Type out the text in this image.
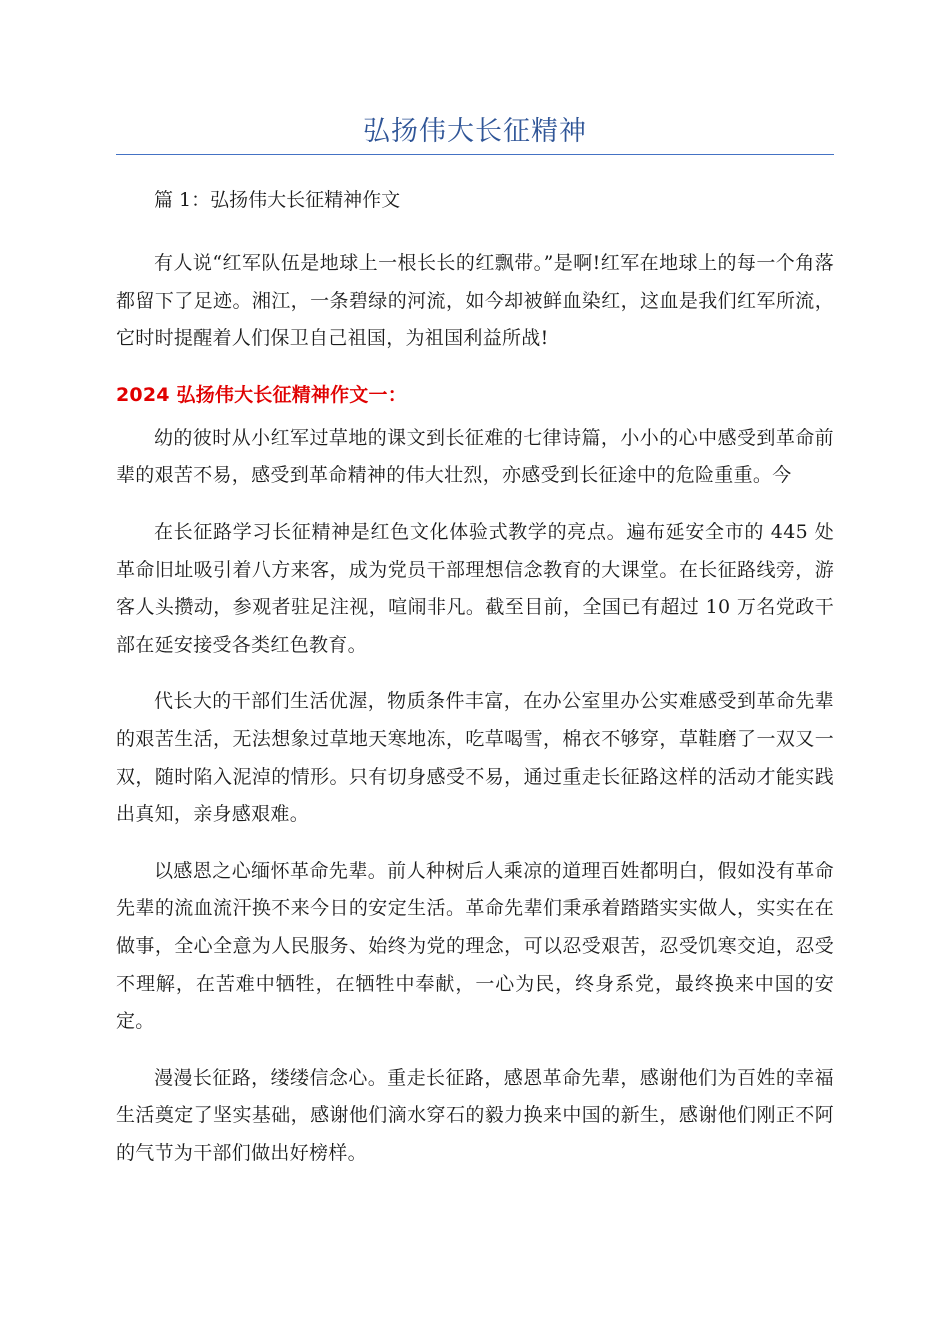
弘扬伟大长征精神

篇 1：弘扬伟大长征精神作文

有人说“红军队伍是地球上一根长长的红飘带。”是啊!红军在地球上的每一个角落都留下了足迹。湘江，一条碧绿的河流，如今却被鲜血染红，这血是我们红军所流，它时时提醒着人们保卫自己祖国，为祖国利益所战!

2024 弘扬伟大长征精神作文一：

幼的彼时从小红军过草地的课文到长征难的七律诗篇，小小的心中感受到革命前辈的艰苦不易，感受到革命精神的伟大壮烈，亦感受到长征途中的危险重重。今

在长征路学习长征精神是红色文化体验式教学的亮点。遍布延安全市的 445 处革命旧址吸引着八方来客，成为党员干部理想信念教育的大课堂。在长征路线旁，游客人头攒动，参观者驻足注视，喧闹非凡。截至目前，全国已有超过 10 万名党政干部在延安接受各类红色教育。

代长大的干部们生活优渥，物质条件丰富，在办公室里办公实难感受到革命先辈的艰苦生活，无法想象过草地天寒地冻，吃草喝雪，棉衣不够穿，草鞋磨了一双又一双，随时陷入泥淖的情形。只有切身感受不易，通过重走长征路这样的活动才能实践出真知，亲身感艰难。

以感恩之心缅怀革命先辈。前人种树后人乘凉的道理百姓都明白，假如没有革命先辈的流血流汗换不来今日的安定生活。革命先辈们秉承着踏踏实实做人，实实在在做事，全心全意为人民服务、始终为党的理念，可以忍受艰苦，忍受饥寒交迫，忍受不理解，在苦难中牺牲，在牺牲中奉献，一心为民，终身系党，最终换来中国的安定。

漫漫长征路，缕缕信念心。重走长征路，感恩革命先辈，感谢他们为百姓的幸福生活奠定了坚实基础，感谢他们滴水穿石的毅力换来中国的新生，感谢他们刚正不阿的气节为干部们做出好榜样。
